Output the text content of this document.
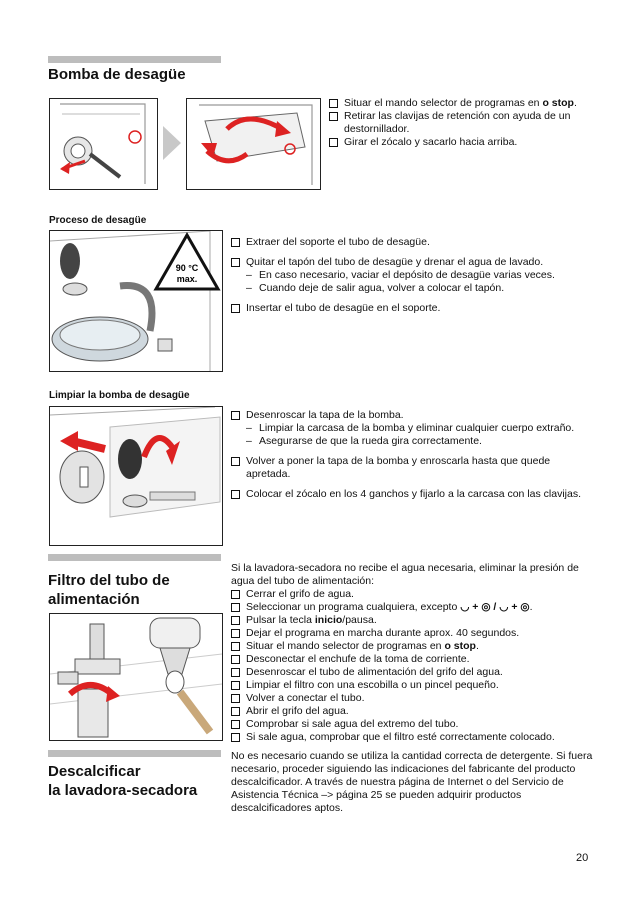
Bomba de desagüe
Situar el mando selector de programas en o stop.
Retirar las clavijas de retención con ayuda de un destornillador.
Girar el zócalo y sacarlo hacia arriba.
Proceso de desagüe
90 °C
max.
Extraer del soporte el tubo de desagüe.
Quitar el tapón del tubo de desagüe y drenar el agua de lavado.
– En caso necesario, vaciar el depósito de desagüe varias veces.
– Cuando deje de salir agua, volver a colocar el tapón.
Insertar el tubo de desagüe en el soporte.
Limpiar la bomba de desagüe
Desenroscar la tapa de la bomba.
– Limpiar la carcasa de la bomba y eliminar cualquier cuerpo extraño.
– Asegurarse de que la rueda gira correctamente.
Volver a poner la tapa de la bomba y enroscarla hasta que quede apretada.
Colocar el zócalo en los 4 ganchos y fijarlo a la carcasa con las clavijas.
Filtro del tubo de
alimentación
Si la lavadora-secadora no recibe el agua necesaria, eliminar la presión de agua del tubo de alimentación:
Cerrar el grifo de agua.
Seleccionar un programa cualquiera, excepto ◡ + ◎ / ◡ + ◎.
Pulsar la tecla inicio/pausa.
Dejar el programa en marcha durante aprox. 40 segundos.
Situar el mando selector de programas en o stop.
Desconectar el enchufe de la toma de corriente.
Desenroscar el tubo de alimentación del grifo del agua.
Limpiar el filtro con una escobilla o un pincel pequeño.
Volver a conectar el tubo.
Abrir el grifo del agua.
Comprobar si sale agua del extremo del tubo.
Si sale agua, comprobar que el filtro esté correctamente colocado.
Descalcificar
la lavadora-secadora
No es necesario cuando se utiliza la cantidad correcta de detergente. Si fuera necesario, proceder siguiendo las indicaciones del fabricante del producto descalcificador. A través de nuestra página de Internet o del Servicio de Asistencia Técnica –> página 25 se pueden adquirir productos descalcificadores aptos.
20
